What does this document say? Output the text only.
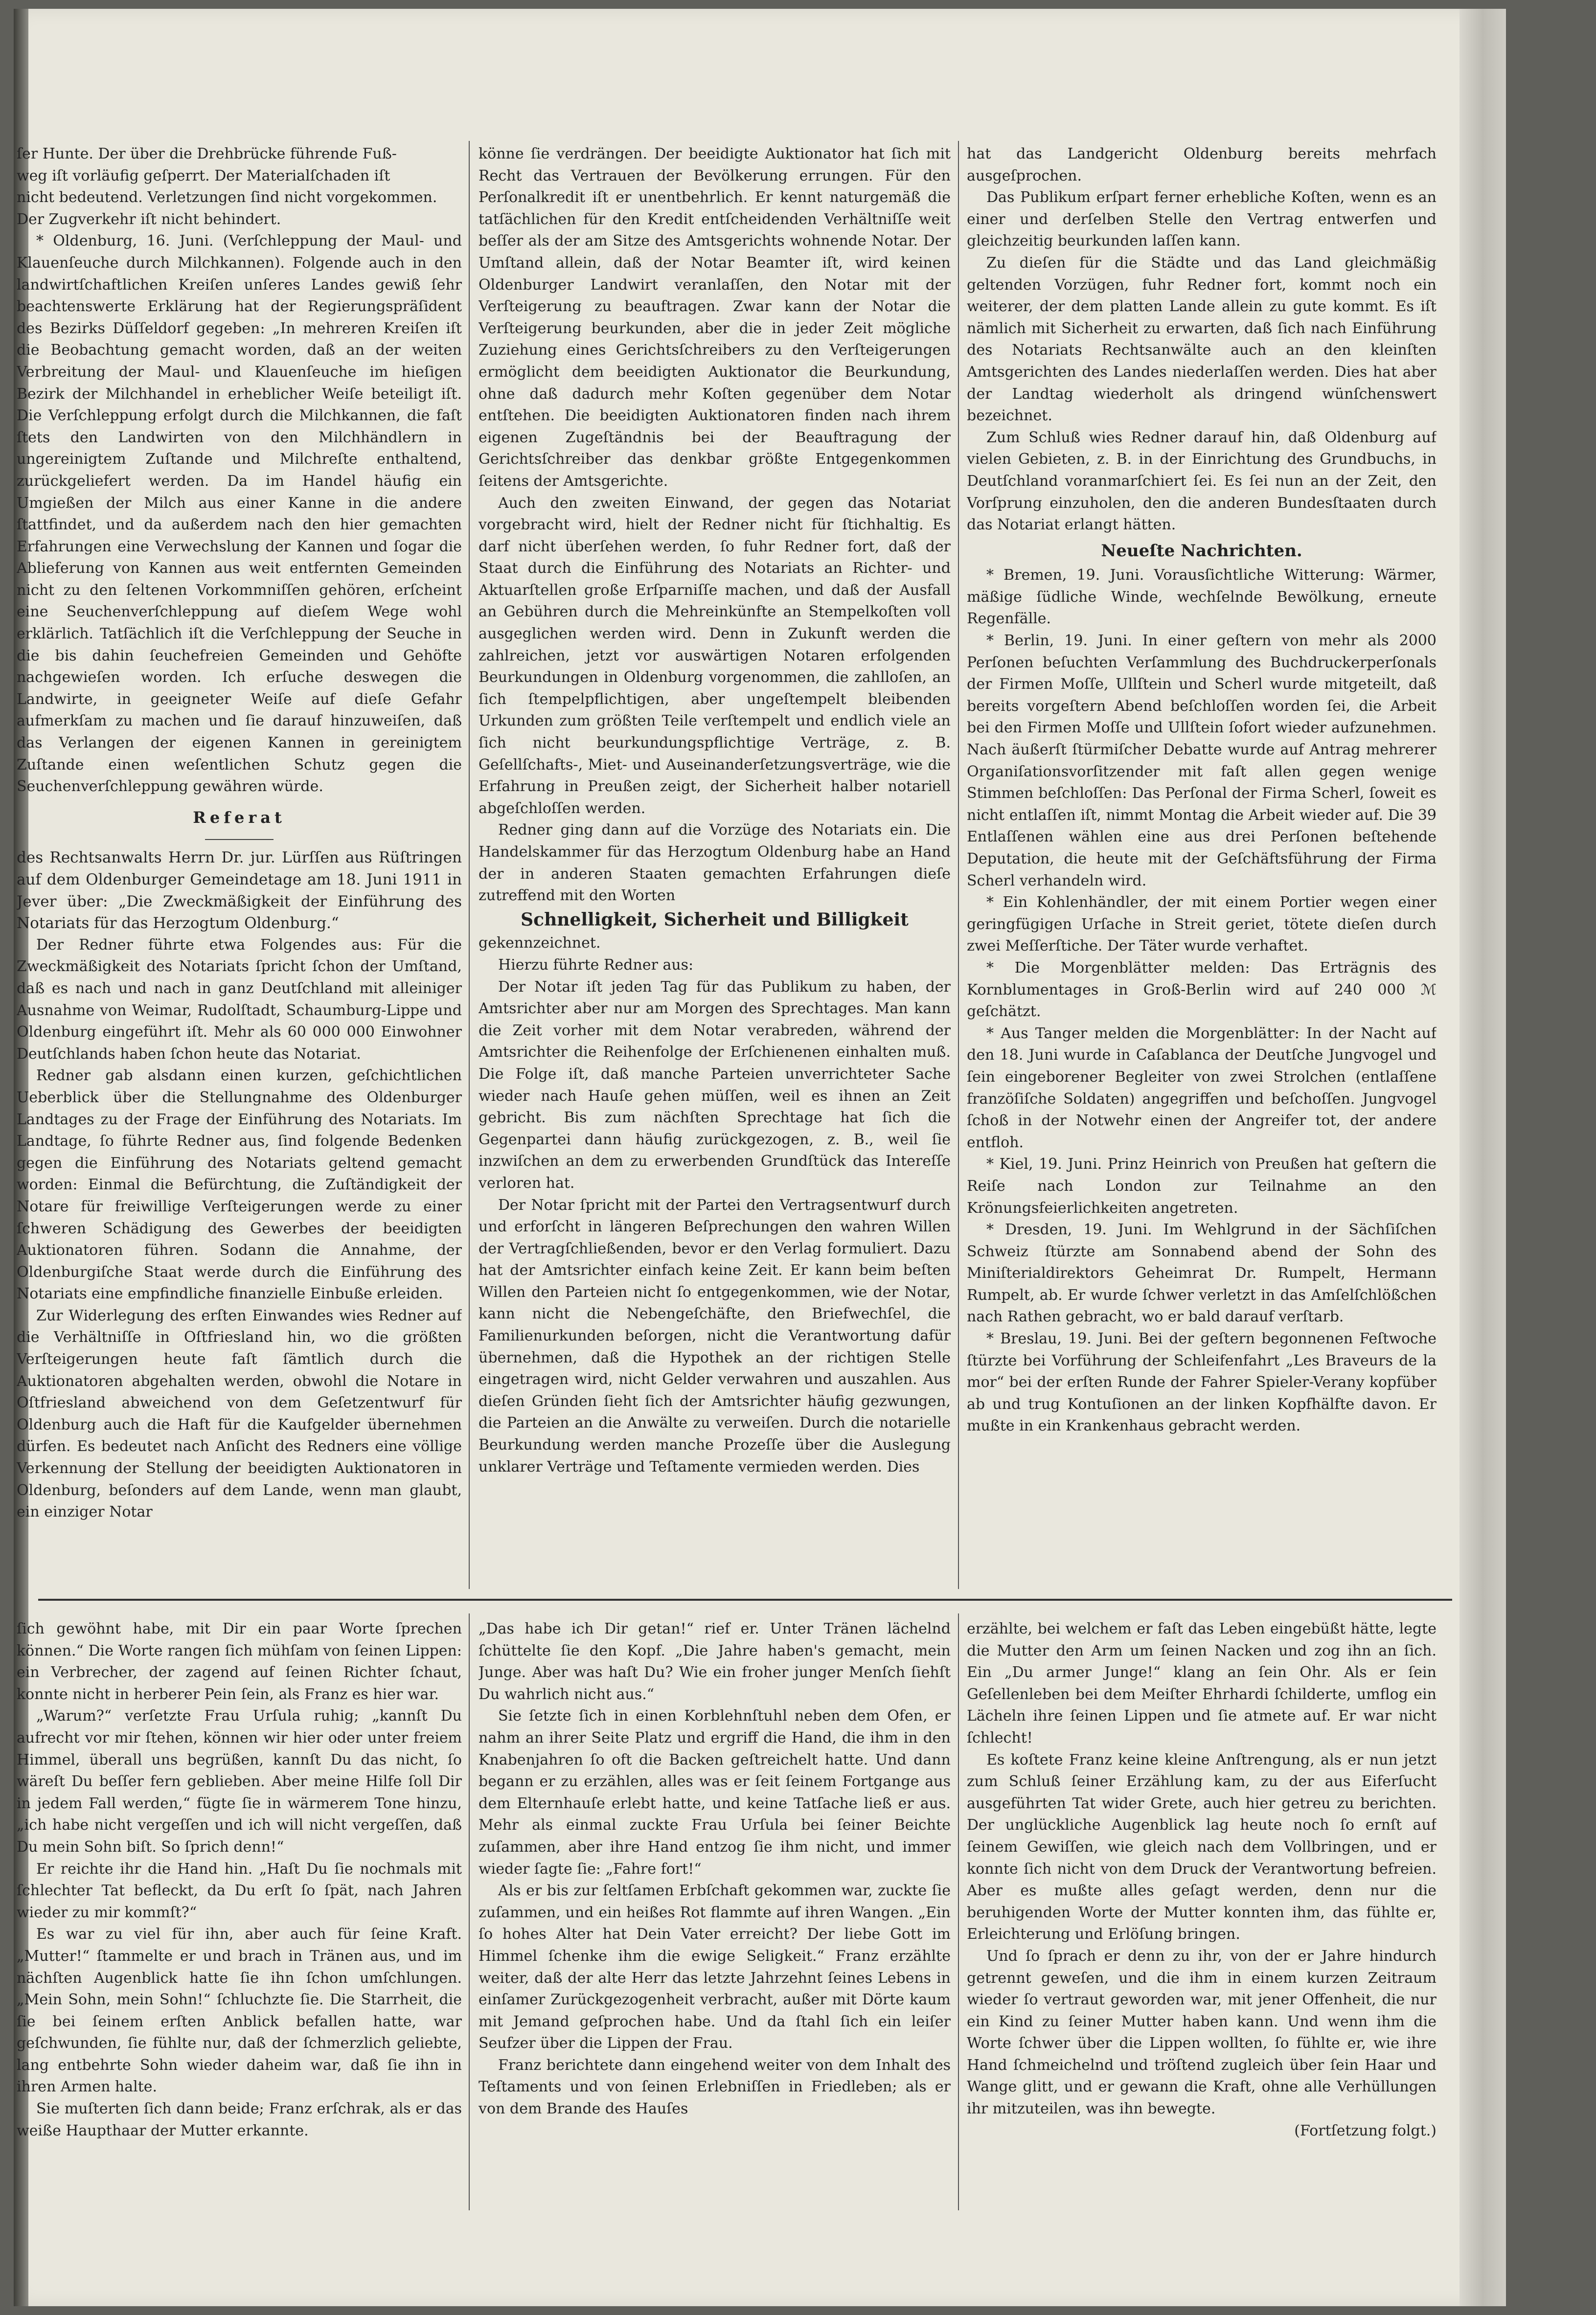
ſer Hunte. Der über die Drehbrücke führende Fuß-

weg iſt vorläufig geſperrt. Der Materialſchaden iſt

nicht bedeutend. Verletzungen ſind nicht vorgekommen.

Der Zugverkehr iſt nicht behindert.

* Oldenburg, 16. Juni. (Verſchleppung der Maul- und Klauenſeuche durch Milchkannen). Folgende auch in den landwirtſchaftlichen Kreiſen unſeres Landes gewiß ſehr beachtenswerte Erklärung hat der Regierungspräſident des Bezirks Düſſeldorf gegeben: „In mehreren Kreiſen iſt die Beobachtung gemacht worden, daß an der weiten Verbreitung der Maul- und Klauenſeuche im hieſigen Bezirk der Milchhandel in erheblicher Weiſe beteiligt iſt. Die Verſchleppung erfolgt durch die Milchkannen, die faſt ſtets den Landwirten von den Milchhändlern in ungereinigtem Zuſtande und Milchreſte enthaltend, zurückgeliefert werden. Da im Handel häufig ein Umgießen der Milch aus einer Kanne in die andere ſtattfindet, und da außerdem nach den hier gemachten Erfahrungen eine Verwechslung der Kannen und ſogar die Ablieferung von Kannen aus weit entfernten Gemeinden nicht zu den ſeltenen Vorkommniſſen gehören, erſcheint eine Seuchenverſchleppung auf dieſem Wege wohl erklärlich. Tatſächlich iſt die Verſchleppung der Seuche in die bis dahin ſeuchefreien Gemeinden und Gehöfte nachgewieſen worden. Ich erſuche deswegen die Landwirte, in geeigneter Weiſe auf dieſe Gefahr aufmerkſam zu machen und ſie darauf hinzuweiſen, daß das Verlangen der eigenen Kannen in gereinigtem Zuſtande einen weſentlichen Schutz gegen die Seuchenverſchleppung gewähren würde.

Referat

des Rechtsanwalts Herrn Dr. jur. Lürſſen aus Rüſtringen auf dem Oldenburger Gemeindetage am 18. Juni 1911 in Jever über: „Die Zweckmäßigkeit der Einführung des Notariats für das Herzogtum Oldenburg.“

Der Redner führte etwa Folgendes aus: Für die Zweckmäßigkeit des Notariats ſpricht ſchon der Umſtand, daß es nach und nach in ganz Deutſchland mit alleiniger Ausnahme von Weimar, Rudolſtadt, Schaumburg-Lippe und Oldenburg eingeführt iſt. Mehr als 60 000 000 Einwohner Deutſchlands haben ſchon heute das Notariat.

Redner gab alsdann einen kurzen, geſchichtlichen Ueberblick über die Stellungnahme des Oldenburger Landtages zu der Frage der Einführung des Notariats. Im Landtage, ſo führte Redner aus, ſind folgende Bedenken gegen die Einführung des Notariats geltend gemacht worden: Einmal die Befürchtung, die Zuſtändigkeit der Notare für freiwillige Verſteigerungen werde zu einer ſchweren Schädigung des Gewerbes der beeidigten Auktionatoren führen. Sodann die Annahme, der Oldenburgiſche Staat werde durch die Einführung des Notariats eine empfindliche finanzielle Einbuße erleiden.

Zur Widerlegung des erſten Einwandes wies Redner auf die Verhältniſſe in Oſtfriesland hin, wo die größten Verſteigerungen heute faſt ſämtlich durch die Auktionatoren abgehalten werden, obwohl die Notare in Oſtfriesland abweichend von dem Geſetzentwurf für Oldenburg auch die Haft für die Kaufgelder übernehmen dürfen. Es bedeutet nach Anſicht des Redners eine völlige Verkennung der Stellung der beeidigten Auktionatoren in Oldenburg, beſonders auf dem Lande, wenn man glaubt, ein einziger Notar

könne ſie verdrängen. Der beeidigte Auktionator hat ſich mit Recht das Vertrauen der Bevölkerung errungen. Für den Perſonalkredit iſt er unentbehrlich. Er kennt naturgemäß die tatſächlichen für den Kredit entſcheidenden Verhältniſſe weit beſſer als der am Sitze des Amtsgerichts wohnende Notar. Der Umſtand allein, daß der Notar Beamter iſt, wird keinen Oldenburger Landwirt veranlaſſen, den Notar mit der Verſteigerung zu beauftragen. Zwar kann der Notar die Verſteigerung beurkunden, aber die in jeder Zeit mögliche Zuziehung eines Gerichtsſchreibers zu den Verſteigerungen ermöglicht dem beeidigten Auktionator die Beurkundung, ohne daß dadurch mehr Koſten gegenüber dem Notar entſtehen. Die beeidigten Auktionatoren finden nach ihrem eigenen Zugeſtändnis bei der Beauftragung der Gerichtsſchreiber das denkbar größte Entgegenkommen ſeitens der Amtsgerichte.

Auch den zweiten Einwand, der gegen das Notariat vorgebracht wird, hielt der Redner nicht für ſtichhaltig. Es darf nicht überſehen werden, ſo fuhr Redner fort, daß der Staat durch die Einführung des Notariats an Richter- und Aktuarſtellen große Erſparniſſe machen, und daß der Ausfall an Gebühren durch die Mehreinkünfte an Stempelkoſten voll ausgeglichen werden wird. Denn in Zukunft werden die zahlreichen, jetzt vor auswärtigen Notaren erfolgenden Beurkundungen in Oldenburg vorgenommen, die zahlloſen, an ſich ſtempelpflichtigen, aber ungeſtempelt bleibenden Urkunden zum größten Teile verſtempelt und endlich viele an ſich nicht beurkundungspflichtige Verträge, z. B. Geſellſchafts-, Miet- und Auseinanderſetzungsverträge, wie die Erfahrung in Preußen zeigt, der Sicherheit halber notariell abgeſchloſſen werden.

Redner ging dann auf die Vorzüge des Notariats ein. Die Handelskammer für das Herzogtum Oldenburg habe an Hand der in anderen Staaten gemachten Erfahrungen dieſe zutreffend mit den Worten

Schnelligkeit, Sicherheit und Billigkeit

gekennzeichnet.

Hierzu führte Redner aus:

Der Notar iſt jeden Tag für das Publikum zu haben, der Amtsrichter aber nur am Morgen des Sprechtages. Man kann die Zeit vorher mit dem Notar verabreden, während der Amtsrichter die Reihenfolge der Erſchienenen einhalten muß. Die Folge iſt, daß manche Parteien unverrichteter Sache wieder nach Hauſe gehen müſſen, weil es ihnen an Zeit gebricht. Bis zum nächſten Sprechtage hat ſich die Gegenpartei dann häufig zurückgezogen, z. B., weil ſie inzwiſchen an dem zu erwerbenden Grundſtück das Intereſſe verloren hat.

Der Notar ſpricht mit der Partei den Vertragsentwurf durch und erforſcht in längeren Beſprechungen den wahren Willen der Vertragſchließenden, bevor er den Verlag formuliert. Dazu hat der Amtsrichter einfach keine Zeit. Er kann beim beſten Willen den Parteien nicht ſo entgegenkommen, wie der Notar, kann nicht die Nebengeſchäfte, den Briefwechſel, die Familienurkunden beſorgen, nicht die Verantwortung dafür übernehmen, daß die Hypothek an der richtigen Stelle eingetragen wird, nicht Gelder verwahren und auszahlen. Aus dieſen Gründen ſieht ſich der Amtsrichter häufig gezwungen, die Parteien an die Anwälte zu verweiſen. Durch die notarielle Beurkundung werden manche Prozeſſe über die Auslegung unklarer Verträge und Teſtamente vermieden werden. Dies

hat das Landgericht Oldenburg bereits mehrfach ausgeſprochen.

Das Publikum erſpart ferner erhebliche Koſten, wenn es an einer und derſelben Stelle den Vertrag entwerfen und gleichzeitig beurkunden laſſen kann.

Zu dieſen für die Städte und das Land gleichmäßig geltenden Vorzügen, fuhr Redner fort, kommt noch ein weiterer, der dem platten Lande allein zu gute kommt. Es iſt nämlich mit Sicherheit zu erwarten, daß ſich nach Einführung des Notariats Rechtsanwälte auch an den kleinſten Amtsgerichten des Landes niederlaſſen werden. Dies hat aber der Landtag wiederholt als dringend wünſchenswert bezeichnet.

Zum Schluß wies Redner darauf hin, daß Oldenburg auf vielen Gebieten, z. B. in der Einrichtung des Grundbuchs, in Deutſchland voranmarſchiert ſei. Es ſei nun an der Zeit, den Vorſprung einzuholen, den die anderen Bundesſtaaten durch das Notariat erlangt hätten.

Neueſte Nachrichten.

* Bremen, 19. Juni. Vorausſichtliche Witterung: Wärmer, mäßige ſüdliche Winde, wechſelnde Bewölkung, erneute Regenfälle.

* Berlin, 19. Juni. In einer geſtern von mehr als 2000 Perſonen beſuchten Verſammlung des Buchdruckerperſonals der Firmen Moſſe, Ullſtein und Scherl wurde mitgeteilt, daß bereits vorgeſtern Abend beſchloſſen worden ſei, die Arbeit bei den Firmen Moſſe und Ullſtein ſofort wieder aufzunehmen. Nach äußerſt ſtürmiſcher Debatte wurde auf Antrag mehrerer Organiſationsvorſitzender mit faſt allen gegen wenige Stimmen beſchloſſen: Das Perſonal der Firma Scherl, ſoweit es nicht entlaſſen iſt, nimmt Montag die Arbeit wieder auf. Die 39 Entlaſſenen wählen eine aus drei Perſonen beſtehende Deputation, die heute mit der Geſchäftsführung der Firma Scherl verhandeln wird.

* Ein Kohlenhändler, der mit einem Portier wegen einer geringfügigen Urſache in Streit geriet, tötete dieſen durch zwei Meſſerſtiche. Der Täter wurde verhaftet.

* Die Morgenblätter melden: Das Erträgnis des Kornblumentages in Groß-Berlin wird auf 240 000 ℳ geſchätzt.

* Aus Tanger melden die Morgenblätter: In der Nacht auf den 18. Juni wurde in Caſablanca der Deutſche Jungvogel und ſein eingeborener Begleiter von zwei Strolchen (entlaſſene franzöſiſche Soldaten) angegriffen und beſchoſſen. Jungvogel ſchoß in der Notwehr einen der Angreifer tot, der andere entfloh.

* Kiel, 19. Juni. Prinz Heinrich von Preußen hat geſtern die Reiſe nach London zur Teilnahme an den Krönungsfeierlichkeiten angetreten.

* Dresden, 19. Juni. Im Wehlgrund in der Sächſiſchen Schweiz ſtürzte am Sonnabend abend der Sohn des Miniſterialdirektors Geheimrat Dr. Rumpelt, Hermann Rumpelt, ab. Er wurde ſchwer verletzt in das Amſelſchlößchen nach Rathen gebracht, wo er bald darauf verſtarb.

* Breslau, 19. Juni. Bei der geſtern begonnenen Feſtwoche ſtürzte bei Vorführung der Schleifenfahrt „Les Braveurs de la mor“ bei der erſten Runde der Fahrer Spieler-Verany kopfüber ab und trug Kontuſionen an der linken Kopfhälfte davon. Er mußte in ein Krankenhaus gebracht werden.

ſich gewöhnt habe, mit Dir ein paar Worte ſprechen können.“ Die Worte rangen ſich mühſam von ſeinen Lippen: ein Verbrecher, der zagend auf ſeinen Richter ſchaut, konnte nicht in herberer Pein ſein, als Franz es hier war.

„Warum?“ verſetzte Frau Urſula ruhig; „kannſt Du aufrecht vor mir ſtehen, können wir hier oder unter freiem Himmel, überall uns begrüßen, kannſt Du das nicht, ſo wäreſt Du beſſer fern geblieben. Aber meine Hilfe ſoll Dir in jedem Fall werden,“ fügte ſie in wärmerem Tone hinzu, „ich habe nicht vergeſſen und ich will nicht vergeſſen, daß Du mein Sohn biſt. So ſprich denn!“

Er reichte ihr die Hand hin. „Haſt Du ſie nochmals mit ſchlechter Tat befleckt, da Du erſt ſo ſpät, nach Jahren wieder zu mir kommſt?“

Es war zu viel für ihn, aber auch für ſeine Kraft. „Mutter!“ ſtammelte er und brach in Tränen aus, und im nächſten Augenblick hatte ſie ihn ſchon umſchlungen. „Mein Sohn, mein Sohn!“ ſchluchzte ſie. Die Starrheit, die ſie bei ſeinem erſten Anblick befallen hatte, war geſchwunden, ſie fühlte nur, daß der ſchmerzlich geliebte, lang entbehrte Sohn wieder daheim war, daß ſie ihn in ihren Armen halte.

Sie muſterten ſich dann beide; Franz erſchrak, als er das weiße Haupthaar der Mutter erkannte.

„Das habe ich Dir getan!“ rief er. Unter Tränen lächelnd ſchüttelte ſie den Kopf. „Die Jahre haben's gemacht, mein Junge. Aber was haſt Du? Wie ein froher junger Menſch ſiehſt Du wahrlich nicht aus.“

Sie ſetzte ſich in einen Korblehnſtuhl neben dem Ofen, er nahm an ihrer Seite Platz und ergriff die Hand, die ihm in den Knabenjahren ſo oft die Backen geſtreichelt hatte. Und dann begann er zu erzählen, alles was er ſeit ſeinem Fortgange aus dem Elternhauſe erlebt hatte, und keine Tatſache ließ er aus. Mehr als einmal zuckte Frau Urſula bei ſeiner Beichte zuſammen, aber ihre Hand entzog ſie ihm nicht, und immer wieder ſagte ſie: „Fahre fort!“

Als er bis zur ſeltſamen Erbſchaft gekommen war, zuckte ſie zuſammen, und ein heißes Rot flammte auf ihren Wangen. „Ein ſo hohes Alter hat Dein Vater erreicht? Der liebe Gott im Himmel ſchenke ihm die ewige Seligkeit.“ Franz erzählte weiter, daß der alte Herr das letzte Jahrzehnt ſeines Lebens in einſamer Zurückgezogenheit verbracht, außer mit Dörte kaum mit Jemand geſprochen habe. Und da ſtahl ſich ein leiſer Seufzer über die Lippen der Frau.

Franz berichtete dann eingehend weiter von dem Inhalt des Teſtaments und von ſeinen Erlebniſſen in Friedleben; als er von dem Brande des Hauſes

erzählte, bei welchem er faſt das Leben eingebüßt hätte, legte die Mutter den Arm um ſeinen Nacken und zog ihn an ſich. Ein „Du armer Junge!“ klang an ſein Ohr. Als er ſein Geſellenleben bei dem Meiſter Ehrhardi ſchilderte, umflog ein Lächeln ihre ſeinen Lippen und ſie atmete auf. Er war nicht ſchlecht!

Es koſtete Franz keine kleine Anſtrengung, als er nun jetzt zum Schluß ſeiner Erzählung kam, zu der aus Eiferſucht ausgeführten Tat wider Grete, auch hier getreu zu berichten. Der unglückliche Augenblick lag heute noch ſo ernſt auf ſeinem Gewiſſen, wie gleich nach dem Vollbringen, und er konnte ſich nicht von dem Druck der Verantwortung befreien. Aber es mußte alles geſagt werden, denn nur die beruhigenden Worte der Mutter konnten ihm, das fühlte er, Erleichterung und Erlöſung bringen.

Und ſo ſprach er denn zu ihr, von der er Jahre hindurch getrennt geweſen, und die ihm in einem kurzen Zeitraum wieder ſo vertraut geworden war, mit jener Offenheit, die nur ein Kind zu ſeiner Mutter haben kann. Und wenn ihm die Worte ſchwer über die Lippen wollten, ſo fühlte er, wie ihre Hand ſchmeichelnd und tröſtend zugleich über ſein Haar und Wange glitt, und er gewann die Kraft, ohne alle Verhüllungen ihr mitzuteilen, was ihn bewegte.

(Fortſetzung folgt.)
